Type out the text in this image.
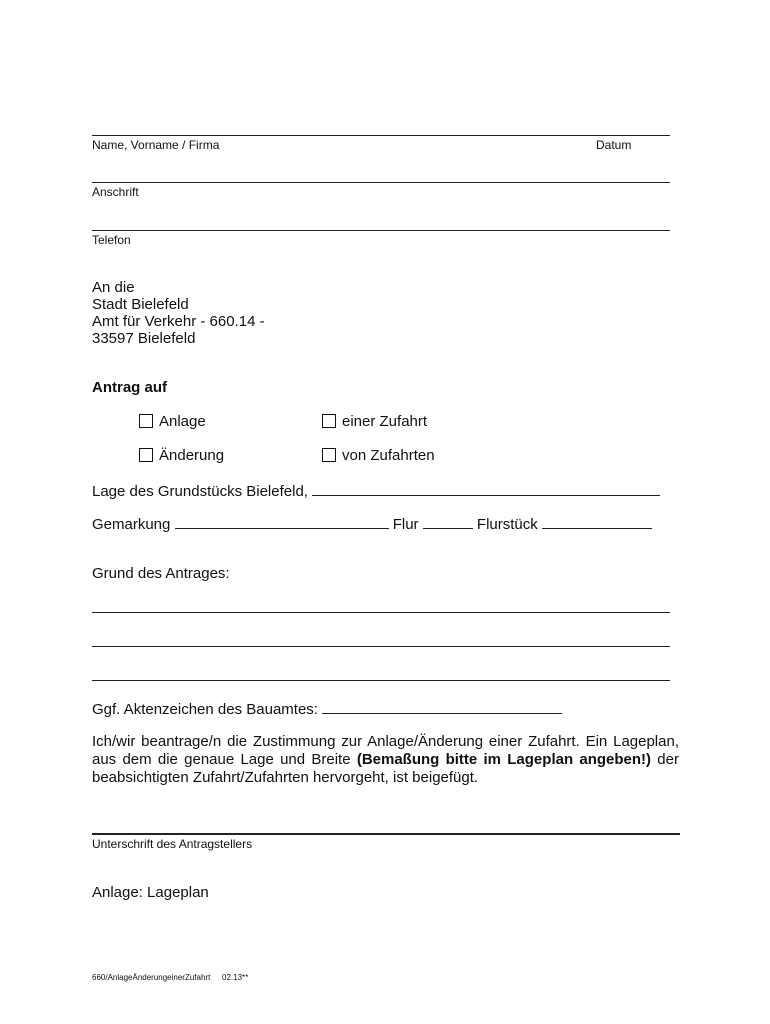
Name, Vorname / Firma	Datum
Anschrift
Telefon
An die
Stadt Bielefeld
Amt für Verkehr - 660.14 -
33597 Bielefeld
Antrag auf
Anlage	einer Zufahrt
Änderung	von Zufahrten
Lage des Grundstücks Bielefeld,
Gemarkung	Flur	Flurstück
Grund des Antrages:
Ggf. Aktenzeichen des Bauamtes:
Ich/wir beantrage/n die Zustimmung zur Anlage/Änderung einer Zufahrt. Ein Lageplan, aus dem die genaue Lage und Breite (Bemaßung bitte im Lageplan angeben!) der beabsichtigten Zufahrt/Zufahrten hervorgeht, ist beigefügt.
Unterschrift des Antragstellers
Anlage: Lageplan
660/AnlageÄnderungeinerZufahrt 02.13**
